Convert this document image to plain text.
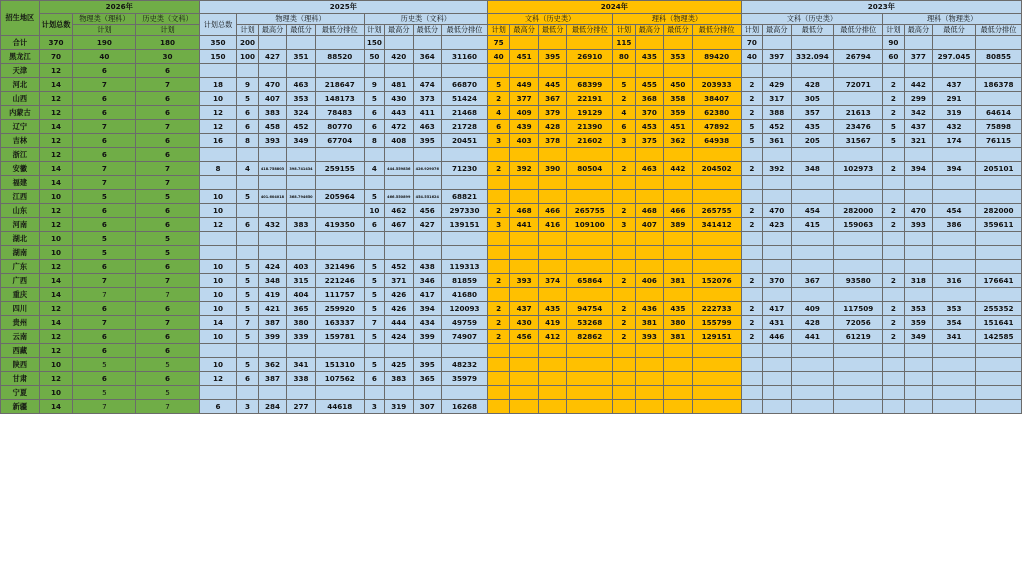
招生地区	2026年			2025年									2024年								2023年							
	计划总数	物理类（理科）	历史类（文科）	计划总数	物理类（理科）				历史类（文科）				文科（历史类）				理科（物理类）				文科（历史类）				理科（物理类）			
		计划	计划		计划	最高分	最低分	最低分排位	计划	最高分	最低分	最低分排位	计划	最高分	最低分	最低分排位	计划	最高分	最低分	最低分排位	计划	最高分	最低分	最低分排位	计划	最高分	最低分	最低分排位
合计	370	190	180	350	200				150				75				115				70				90			
黑龙江	70	40	30	150	100	427	351	88520	50	420	364	31160	40	451	395	26910	80	435	353	89420	40	397	332.094	26794	60	377	297.045	80855
天津	12	6	6																									
河北	14	7	7	18	9	470	463	218647	9	481	474	66870	5	449	445	68399	5	455	450	203933	2	429	428	72071	2	442	437	186378
山西	12	6	6	10	5	407	353	148173	5	430	373	51424	2	377	367	22191	2	368	358	38407	2	317	305		2	299	291	
内蒙古	12	6	6	12	6	383	324	78483	6	443	411	21468	4	409	379	19129	4	370	359	62380	2	388	357	21613	2	342	319	64614
辽宁	14	7	7	12	6	458	452	80770	6	472	463	21728	6	439	428	21390	6	453	451	47892	5	452	435	23476	5	437	432	75898
吉林	12	6	6	16	8	393	349	67704	8	408	395	20451	3	403	378	21602	3	375	362	64938	5	361	205	31567	5	321	174	76115
浙江	12	6	6																									
安徽	14	7	7	8	4	418.758803	398.741434	259155	4	444.559836	426.929076	71230	2	392	390	80504	2	463	442	204502	2	392	348	102973	2	394	394	205101
福建	14	7	7																									
江西	10	5	5	10	5	401.604018	368.794650	205964	5	466.550899	454.551624	68821																
山东	12	6	6	10					10	462	456	297330	2	468	466	265755	2	468	466	265755	2	470	454	282000	2	470	454	282000
河南	12	6	6	12	6	432	383	419350	6	467	427	139151	3	441	416	109100	3	407	389	341412	2	423	415	159063	2	393	386	359611
湖北	10	5	5																									
湖南	10	5	5																									
广东	12	6	6	10	5	424	403	321496	5	452	438	119313																
广西	14	7	7	10	5	348	315	221246	5	371	346	81859	2	393	374	65864	2	406	381	152076	2	370	367	93580	2	318	316	176641
重庆	14	7	7	10	5	419	404	111757	5	426	417	41680																
四川	12	6	6	10	5	421	365	259920	5	426	394	120093	2	437	435	94754	2	436	435	222733	2	417	409	117509	2	353	353	255352
贵州	14	7	7	14	7	387	380	163337	7	444	434	49759	2	430	419	53268	2	381	380	155799	2	431	428	72056	2	359	354	151641
云南	12	6	6	10	5	399	339	159781	5	424	399	74907	2	456	412	82862	2	393	381	129151	2	446	441	61219	2	349	341	142585
西藏	12	6	6																									
陕西	10	5	5	10	5	362	341	151310	5	425	395	48232																
甘肃	12	6	6	12	6	387	338	107562	6	383	365	35979																
宁夏	10	5	5																									
新疆	14	7	7	6	3	284	277	44618	3	319	307	16268																
